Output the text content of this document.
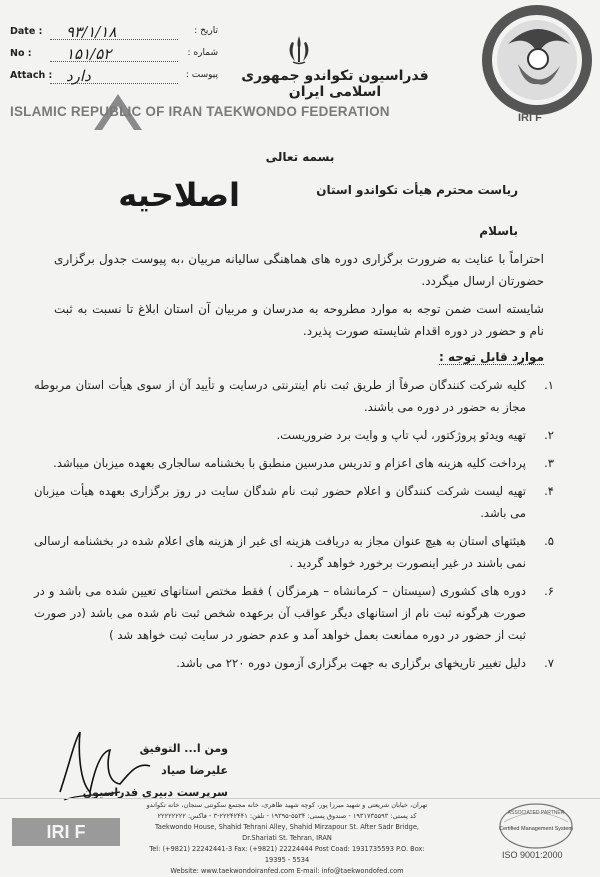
Date : ۹۳/۱/۱۸	تاریخ :
No : ۱۵۱/۵۲	شماره :
Attach : دارد	پیوست :	فدراسیون تکواندو جمهوری اسلامی ایران
ISLAMIC REPUBLIC OF IRAN TAEKWONDO FEDERATION	IRI F
بسمه تعالی
اصلاحیه	ریاست محترم هیأت تکواندو استان
باسلام
احتراماً با عنایت به ضرورت برگزاری دوره های هماهنگی سالیانه مربیان ،به پیوست جدول برگزاری حضورتان ارسال میگردد.
شایسته است ضمن توجه به موارد مطروحه به مدرسان و مربیان آن استان ابلاغ تا نسبت به ثبت نام و حضور در دوره اقدام شایسته صورت پذیرد.
موارد قابل توجه :
۱.
کلیه شرکت کنندگان صرفاً از طریق ثبت نام اینترنتی درسایت و تأیید آن از سوی هیأت استان مربوطه مجاز به حضور در دوره می باشند.
۲.
تهیه ویدئو پروژکتور، لپ تاپ و وایت برد ضروریست.
۳.
پرداخت کلیه هزینه های اعزام و تدریس مدرسین منطبق با بخشنامه سالجاری بعهده میزبان میباشد.
۴.
تهیه لیست شرکت کنندگان و اعلام حضور ثبت نام شدگان سایت در روز برگزاری بعهده هیأت میزبان می باشد.
۵.
هیئتهای استان به هیچ عنوان مجاز به دریافت هزینه ای غیر از هزینه های اعلام شده در بخشنامه ارسالی نمی باشند در غیر اینصورت برخورد خواهد گردید .
۶.
دوره های کشوری (سیستان – کرمانشاه – هرمزگان ) فقط مختص استانهای تعیین شده می باشد و در صورت هرگونه ثبت نام از استانهای دیگر عواقب آن برعهده شخص ثبت نام شده می باشد (در صورت ثبت از حضور در دوره ممانعت بعمل خواهد آمد و عدم حضور در سایت ثبت خواهد شد )
۷.
دلیل تغییر تاریخهای برگزاری به جهت برگزاری آزمون دوره ۲۲۰ می باشد.
ومن ا... التوفیق
علیرضا صیاد
سرپرست دبیری فدراسیون
IRI F
تهران، خیابان شریعتی و شهید میرزا پور، کوچه شهید طاهری، خانه مجتمع سکونتی سنجان، خانه تکواندو
کد پستی: ۱۹۳۱۷۳۵۵۹۳ - صندوق پستی: ۵۵۳۴-۱۹۳۹۵ - تلفن: ۲۲۲۴۲۴۴۱-۳ - فاکس: ۲۲۲۲۲۲۲۲
Taekwondo House, Shahid Tehrani Alley, Shahid Mirzapour St. After Sadr Bridge, Dr.Shariati St. Tehran, IRAN
Tel: (+9821) 22242441-3 Fax: (+9821) 22224444 Post Coad: 1931735593 P.O. Box: 19395 - 5534
Website: www.taekwondoiranfed.com E-mail: info@taekwondofed.com
ASSOCIATED PARTNER
Certified Management System
ISO 9001:2000
